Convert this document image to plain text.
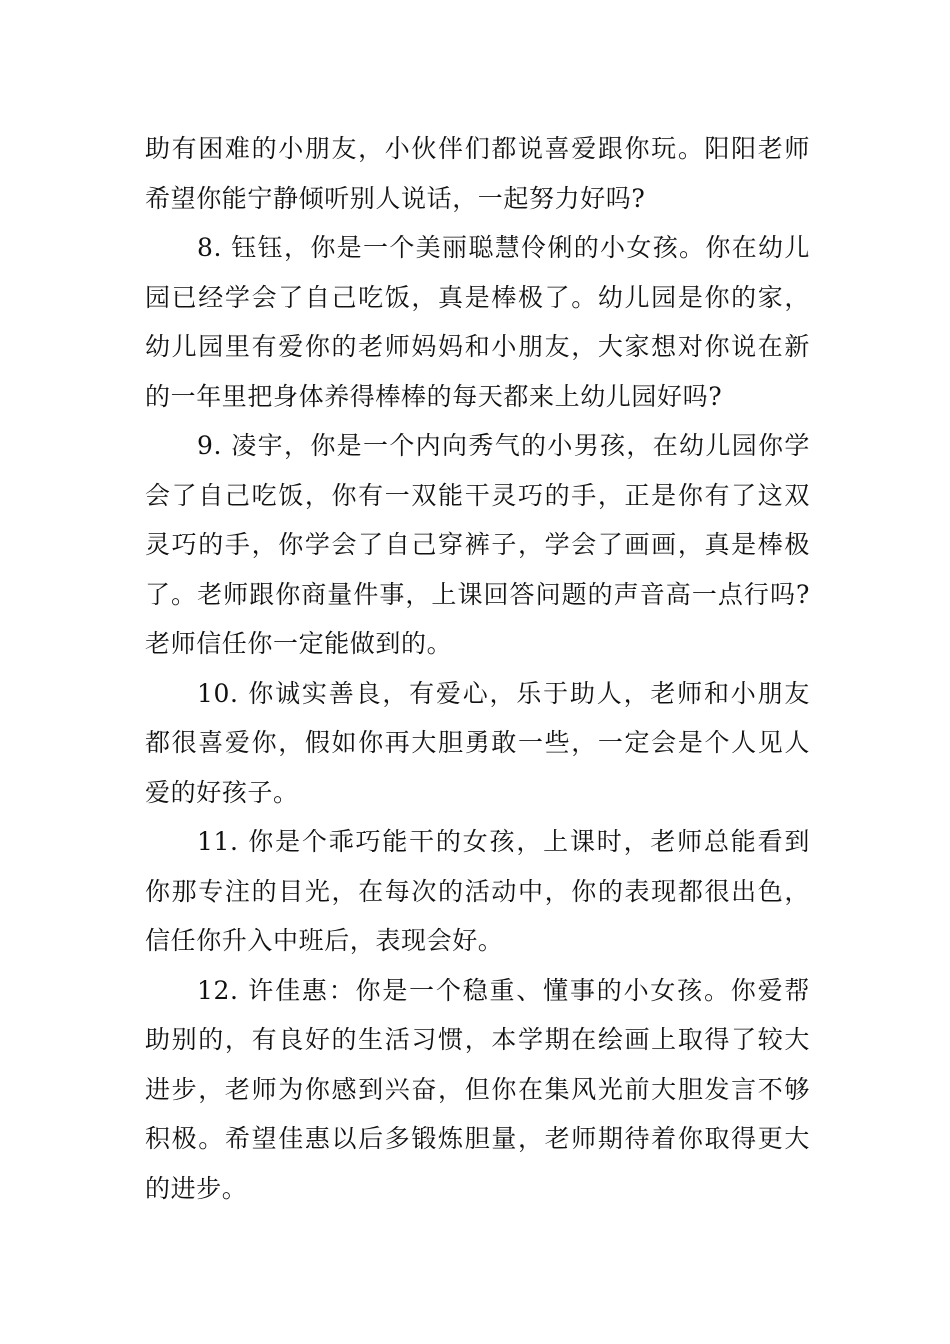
助有困难的小朋友，小伙伴们都说喜爱跟你玩。阳阳老师希望你能宁静倾听别人说话，一起努力好吗?

8. 钰钰，你是一个美丽聪慧伶俐的小女孩。你在幼儿园已经学会了自己吃饭，真是棒极了。幼儿园是你的家，幼儿园里有爱你的老师妈妈和小朋友，大家想对你说在新的一年里把身体养得棒棒的每天都来上幼儿园好吗?

9. 凌宇，你是一个内向秀气的小男孩，在幼儿园你学会了自己吃饭，你有一双能干灵巧的手，正是你有了这双灵巧的手，你学会了自己穿裤子，学会了画画，真是棒极了。老师跟你商量件事，上课回答问题的声音高一点行吗?老师信任你一定能做到的。

10. 你诚实善良，有爱心，乐于助人，老师和小朋友都很喜爱你，假如你再大胆勇敢一些，一定会是个人见人爱的好孩子。

11. 你是个乖巧能干的女孩，上课时，老师总能看到你那专注的目光，在每次的活动中，你的表现都很出色，信任你升入中班后，表现会好。

12. 许佳惠：你是一个稳重、懂事的小女孩。你爱帮助别的，有良好的生活习惯，本学期在绘画上取得了较大进步，老师为你感到兴奋，但你在集风光前大胆发言不够积极。希望佳惠以后多锻炼胆量，老师期待着你取得更大的进步。
